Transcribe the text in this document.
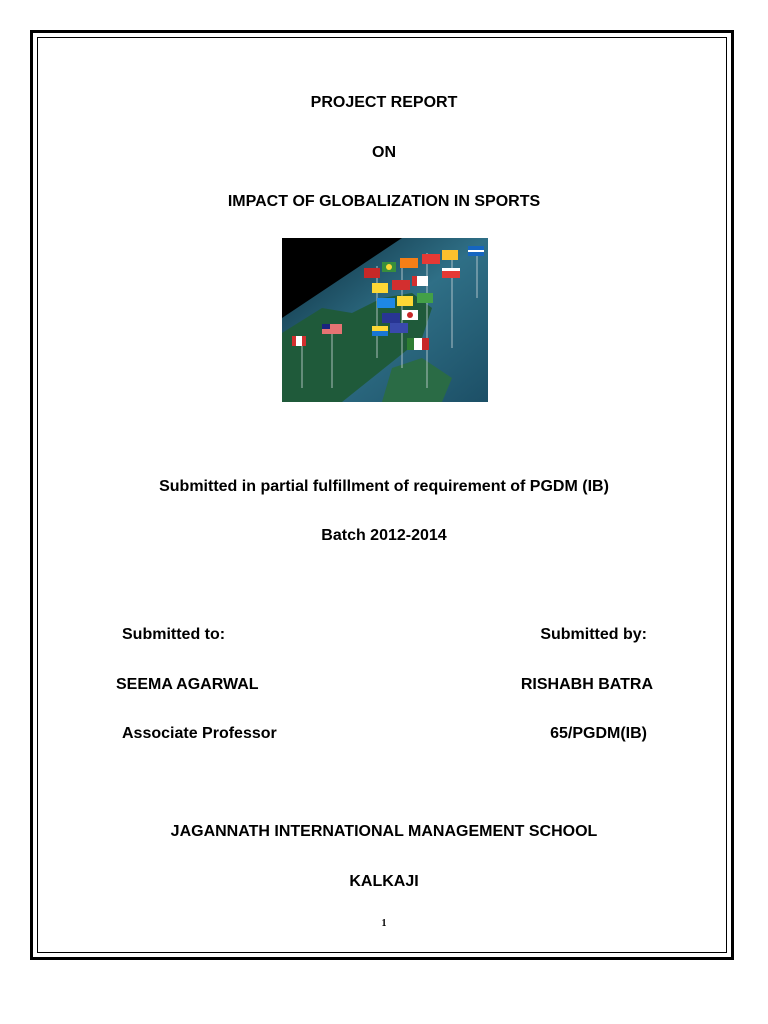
PROJECT REPORT
ON
IMPACT OF GLOBALIZATION IN SPORTS
Submitted in partial fulfillment of requirement of PGDM (IB)
Batch 2012-2014
Submitted to:
SEEMA AGARWAL
Associate Professor
Submitted by:
RISHABH BATRA
65/PGDM(IB)
JAGANNATH INTERNATIONAL MANAGEMENT SCHOOL
KALKAJI
1
